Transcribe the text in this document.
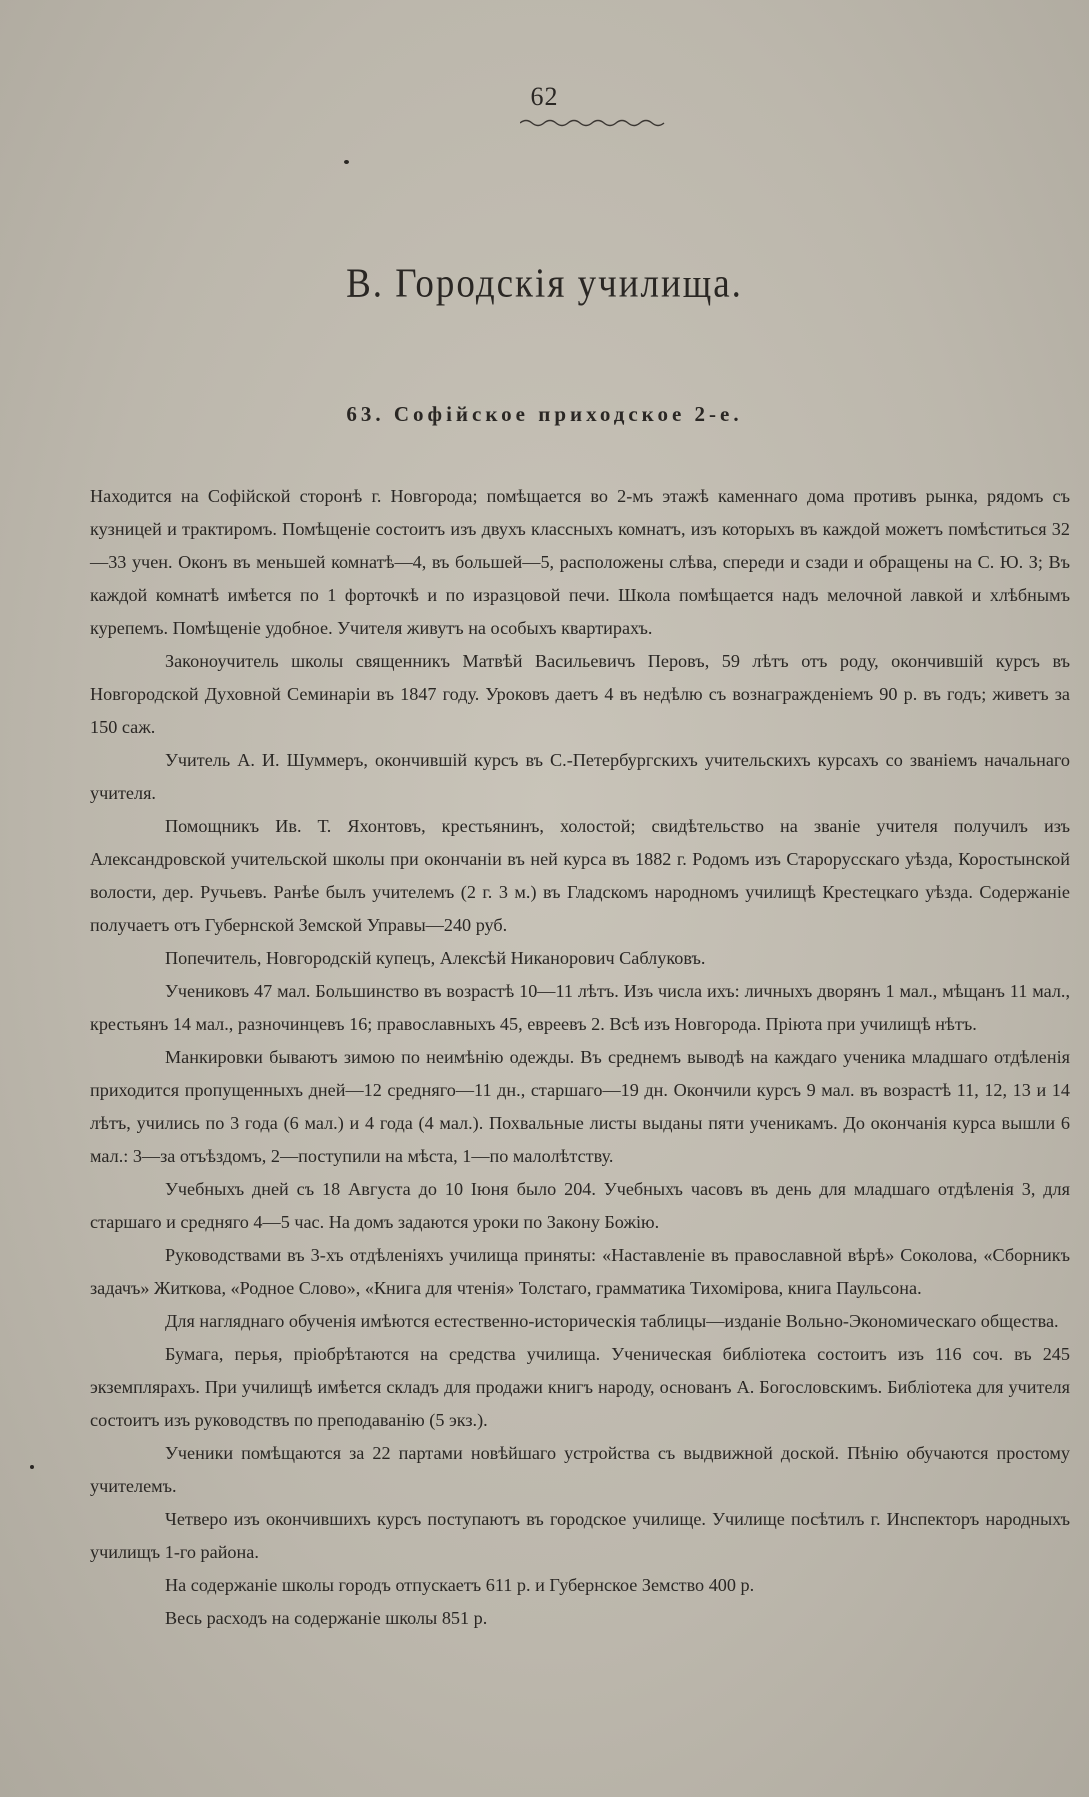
62
В. Городскія училища.
63. Софійское приходское 2-е.

Находится на Софійской сторонѣ г. Новгорода; помѣщается во 2-мъ этажѣ каменнаго дома противъ рынка, рядомъ съ кузницей и трактиромъ. Помѣщеніе состоитъ изъ двухъ классныхъ комнатъ, изъ которыхъ въ каждой можетъ помѣститься 32—33 учен. Оконъ въ меньшей комнатѣ—4, въ большей—5, расположены слѣва, спереди и сзади и обращены на С. Ю. З; Въ каждой комнатѣ имѣется по 1 форточкѣ и по изразцовой печи. Школа помѣщается надъ мелочной лавкой и хлѣбнымъ курепемъ. Помѣщеніе удобное. Учителя живутъ на особыхъ квартирахъ.

Законоучитель школы священникъ Матвѣй Васильевичъ Перовъ, 59 лѣтъ отъ роду, окончившій курсъ въ Новгородской Духовной Семинаріи въ 1847 году. Уроковъ даетъ 4 въ недѣлю съ вознагражденіемъ 90 р. въ годъ; живетъ за 150 саж.

Учитель А. И. Шуммеръ, окончившій курсъ въ С.-Петербургскихъ учительскихъ курсахъ со званіемъ начальнаго учителя.

Помощникъ Ив. Т. Яхонтовъ, крестьянинъ, холостой; свидѣтельство на званіе учителя получилъ изъ Александровской учительской школы при окончаніи въ ней курса въ 1882 г. Родомъ изъ Старорусскаго уѣзда, Коростынской волости, дер. Ручьевъ. Ранѣе былъ учителемъ (2 г. 3 м.) въ Гладскомъ народномъ училищѣ Крестецкаго уѣзда. Содержаніе получаетъ отъ Губернской Земской Управы—240 руб.

Попечитель, Новгородскій купецъ, Алексѣй Никанорович Саблуковъ.

Учениковъ 47 мал. Большинство въ возрастѣ 10—11 лѣтъ. Изъ числа ихъ: личныхъ дворянъ 1 мал., мѣщанъ 11 мал., крестьянъ 14 мал., разночинцевъ 16; православныхъ 45, евреевъ 2. Всѣ изъ Новгорода. Пріюта при училищѣ нѣтъ.

Манкировки бываютъ зимою по неимѣнію одежды. Въ среднемъ выводѣ на каждаго ученика младшаго отдѣленія приходится пропущенныхъ дней—12 средняго—11 дн., старшаго—19 дн. Окончили курсъ 9 мал. въ возрастѣ 11, 12, 13 и 14 лѣтъ, учились по 3 года (6 мал.) и 4 года (4 мал.). Похвальные листы выданы пяти ученикамъ. До окончанія курса вышли 6 мал.: 3—за отъѣздомъ, 2—поступили на мѣста, 1—по малолѣтству.

Учебныхъ дней съ 18 Августа до 10 Іюня было 204. Учебныхъ часовъ въ день для младшаго отдѣленія 3, для старшаго и средняго 4—5 час. На домъ задаются уроки по Закону Божію.

Руководствами въ 3-хъ отдѣленіяхъ училища приняты: «Наставленіе въ православной вѣрѣ» Соколова, «Сборникъ задачъ» Житкова, «Родное Слово», «Книга для чтенія» Толстаго, грамматика Тихомірова, книга Паульсона.

Для нагляднаго обученія имѣются естественно-историческія таблицы—изданіе Вольно-Экономическаго общества.

Бумага, перья, пріобрѣтаются на средства училища. Ученическая библіотека состоитъ изъ 116 соч. въ 245 экземплярахъ. При училищѣ имѣется складъ для продажи книгъ народу, основанъ А. Богословскимъ. Библіотека для учителя состоитъ изъ руководствъ по преподаванію (5 экз.).

Ученики помѣщаются за 22 партами новѣйшаго устройства съ выдвижной доской. Пѣнію обучаются простому учителемъ.

Четверо изъ окончившихъ курсъ поступаютъ въ городское училище. Училище посѣтилъ г. Инспекторъ народныхъ училищъ 1-го района.

На содержаніе школы городъ отпускаетъ 611 р. и Губернское Земство 400 р.

Весь расходъ на содержаніе школы 851 р.
